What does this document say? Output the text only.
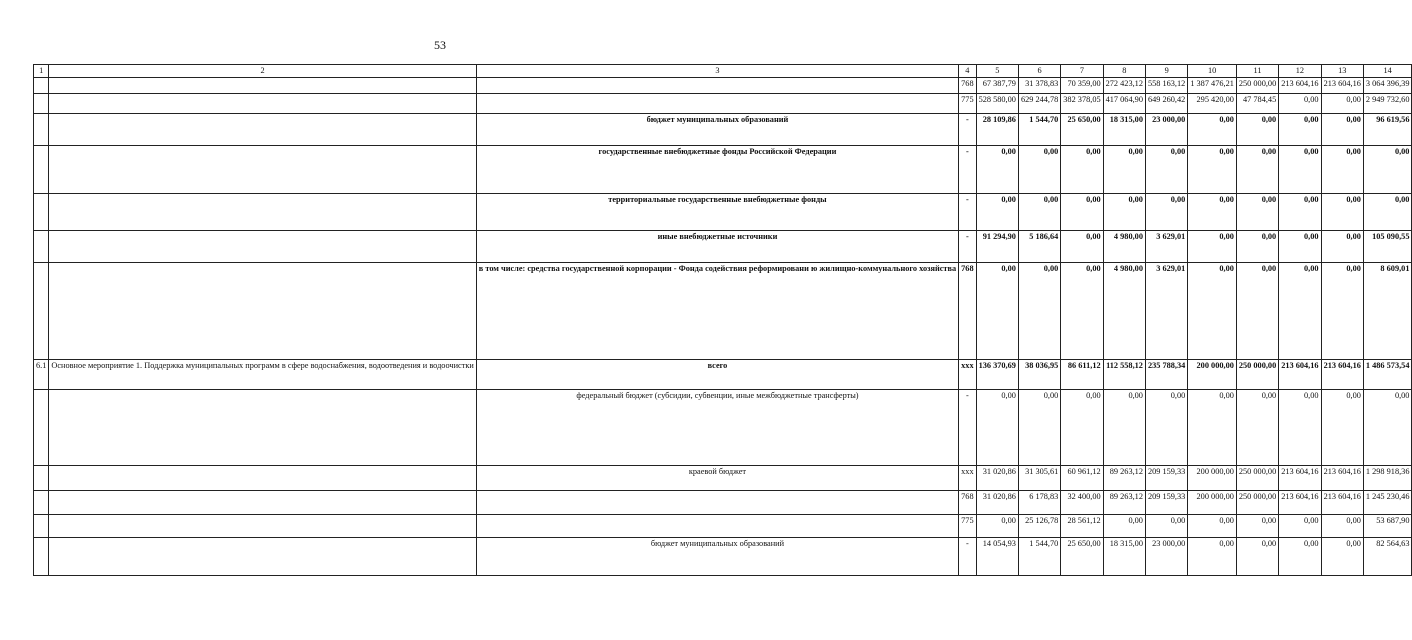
53
1	2	3	4	5	6	7	8	9	10	11	12	13	14
			768	67 387,79	31 378,83	70 359,00	272 423,12	558 163,12	1 387 476,21	250 000,00	213 604,16	213 604,16	3 064 396,39
			775	528 580,00	629 244,78	382 378,05	417 064,90	649 260,42	295 420,00	47 784,45	0,00	0,00	2 949 732,60
		бюджет муниципальных образований	-	28 109,86	1 544,70	25 650,00	18 315,00	23 000,00	0,00	0,00	0,00	0,00	96 619,56
		государственные внебюджетные фонды Российской Федерации	-	0,00	0,00	0,00	0,00	0,00	0,00	0,00	0,00	0,00	0,00
		территориальные государственные внебюджетные фонды	-	0,00	0,00	0,00	0,00	0,00	0,00	0,00	0,00	0,00	0,00
		иные внебюджетные источники	-	91 294,90	5 186,64	0,00	4 980,00	3 629,01	0,00	0,00	0,00	0,00	105 090,55
		в том числе: средства государственной корпорации - Фонда содействия реформировани ю жилищно-коммунального хозяйства	768	0,00	0,00	0,00	4 980,00	3 629,01	0,00	0,00	0,00	0,00	8 609,01
6.1	Основное мероприятие 1. Поддержка муниципальных программ в сфере водоснабжения, водоотведения и водоочистки	всего	ххх	136 370,69	38 036,95	86 611,12	112 558,12	235 788,34	200 000,00	250 000,00	213 604,16	213 604,16	1 486 573,54
		федеральный бюджет (субсидии, субвенции, иные межбюджетные трансферты)	-	0,00	0,00	0,00	0,00	0,00	0,00	0,00	0,00	0,00	0,00
		краевой бюджет	ххх	31 020,86	31 305,61	60 961,12	89 263,12	209 159,33	200 000,00	250 000,00	213 604,16	213 604,16	1 298 918,36
			768	31 020,86	6 178,83	32 400,00	89 263,12	209 159,33	200 000,00	250 000,00	213 604,16	213 604,16	1 245 230,46
			775	0,00	25 126,78	28 561,12	0,00	0,00	0,00	0,00	0,00	0,00	53 687,90
		бюджет муниципальных образований	-	14 054,93	1 544,70	25 650,00	18 315,00	23 000,00	0,00	0,00	0,00	0,00	82 564,63
